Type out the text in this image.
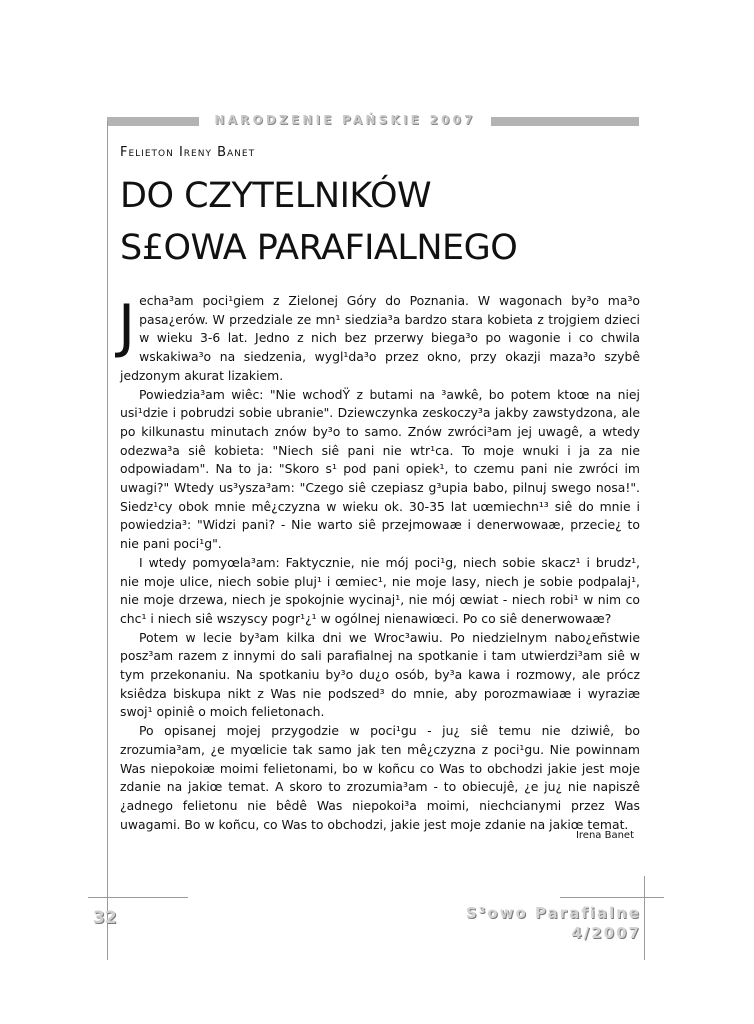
NARODZENIE PAŃSKIE 2007
Felieton Ireny Banet
DO CZYTELNIKÓW
S£OWA PARAFIALNEGO

Jecha³am poci¹giem z Zielonej Góry do Poznania. W wagonach by³o ma³o pasa¿erów. W przedziale ze mn¹ siedzia³a bardzo stara kobieta z trojgiem dzieci w wieku 3-6 lat. Jedno z nich bez przerwy biega³o po wagonie i co chwila wskakiwa³o na siedzenia, wygl¹da³o przez okno, przy okazji maza³o szybê jedzonym akurat lizakiem.

Powiedzia³am wiêc: "Nie wchodŸ z butami na ³awkê, bo potem ktoœ na niej usi¹dzie i pobrudzi sobie ubranie". Dziewczynka zeskoczy³a jakby zawstydzona, ale po kilkunastu minutach znów by³o to samo. Znów zwróci³am jej uwagê, a wtedy odezwa³a siê kobieta: "Niech siê pani nie wtr¹ca. To moje wnuki i ja za nie odpowiadam". Na to ja: "Skoro s¹ pod pani opiek¹, to czemu pani nie zwróci im uwagi?" Wtedy us³ysza³am: "Czego siê czepiasz g³upia babo, pilnuj swego nosa!". Siedz¹cy obok mnie mê¿czyzna w wieku ok. 30-35 lat uœmiechn¹³ siê do mnie i powiedzia³: "Widzi pani? - Nie warto siê przejmowaæ i denerwowaæ, przecie¿ to nie pani poci¹g".

I wtedy pomyœla³am: Faktycznie, nie mój poci¹g, niech sobie skacz¹ i brudz¹, nie moje ulice, niech sobie pluj¹ i œmiec¹, nie moje lasy, niech je sobie podpalaj¹, nie moje drzewa, niech je spokojnie wycinaj¹, nie mój œwiat - niech robi¹ w nim co chc¹ i niech siê wszyscy pogr¹¿¹ w ogólnej nienawiœci. Po co siê denerwowaæ?

Potem w lecie by³am kilka dni we Wroc³awiu. Po niedzielnym nabo¿eñstwie posz³am razem z innymi do sali parafialnej na spotkanie i tam utwierdzi³am siê w tym przekonaniu. Na spotkaniu by³o du¿o osób, by³a kawa i rozmowy, ale prócz ksiêdza biskupa nikt z Was nie podszed³ do mnie, aby porozmawiaæ i wyraziæ swoj¹ opiniê o moich felietonach.

Po opisanej mojej przygodzie w poci¹gu - ju¿ siê temu nie dziwiê, bo zrozumia³am, ¿e myœlicie tak samo jak ten mê¿czyzna z poci¹gu. Nie powinnam Was niepokoiæ moimi felietonami, bo w koñcu co Was to obchodzi jakie jest moje zdanie na jakiœ temat. A skoro to zrozumia³am - to obiecujê, ¿e ju¿ nie napiszê ¿adnego felietonu nie bêdê Was niepokoi³a moimi, niechcianymi przez Was uwagami. Bo w koñcu, co Was to obchodzi, jakie jest moje zdanie na jakiœ temat.

Irena Banet
32	S³owo Parafialne
4/2007
